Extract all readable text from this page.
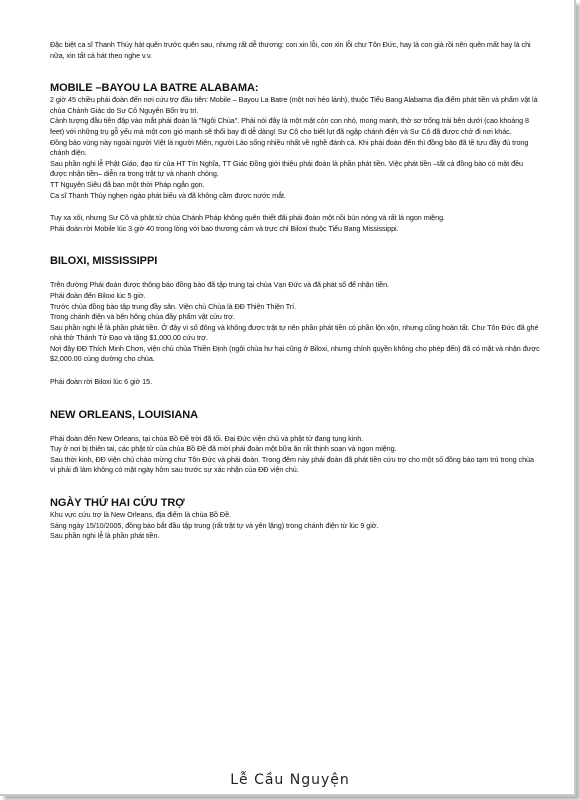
Đặc biệt ca sĩ Thanh Thúy hát quên trước quên sau, nhưng rất dễ thương: con xin lỗi, con xin lỗi chư Tôn Đức, hay là con già rồi nên quên mất hay là chi nữa, xin tất cả hát theo nghe v.v.

MOBILE –BAYOU LA BATRE ALABAMA:

2 giờ 45 chiều phái đoàn đến nơi cứu trợ đầu tiên: Mobile – Bayou La Batre (một nơi hẻo lánh), thuộc Tiểu Bang Alabama địa điểm phát tiền và phẩm vật là chùa Chánh Giác do Sư Cô Nguyên Bổn trụ trì.

Cảnh tượng đầu tiên đập vào mắt phái đoàn là "Ngôi Chùa". Phải nói đây là một mặt cỏn con nhỏ, mong manh, thờ sơ trống trải bên dưới (cao khoảng 8 feet) với những trụ gỗ yếu mà một cơn gió mạnh sẽ thổi bay đi dễ dàng! Sư Cô cho biết lụt đã ngập chánh điện và Sư Cô đã được chở đi nơi khác.

Đồng bào vùng này ngoài người Việt là người Miên, người Lào sống nhiều nhất về nghề đánh cá. Khi phái đoàn đến thì đồng bào đã tề tựu đầy đủ trong chánh điện.

Sau phần nghi lễ Phật Giáo, đạo từ của HT Tín Nghĩa, TT Giác Đồng giới thiệu phái đoàn là phần phát tiền. Việc phát tiền –tất cả đồng bào có mặt đều được nhận tiền– diễn ra trong trật tự và nhanh chóng.

TT Nguyên Siêu đã ban một thời Pháp ngắn gọn.

Ca sĩ Thanh Thúy nghẹn ngào phát biểu và đã không cầm được nước mắt.

Tuy xa xôi, nhưng Sư Cô và phật tử chùa Chánh Pháp không quên thiết đãi phái đoàn một nồi bún nóng và rất là ngon miệng.

Phái đoàn rời Mobile lúc 3 giờ 40 trong lòng với bao thương cảm và trực chỉ Biloxi thuộc Tiểu Bang Mississippi.

BILOXI, MISSISSIPPI

Trên đường Phái đoàn được thông báo đồng bào đã tập trung tại chùa Vạn Đức và đã phát sổ để nhận tiền.

Phái đoàn đến Biloxi lúc 5 giờ.

Trước chùa đồng bào tập trung đầy sân. Viện chủ Chùa là ĐĐ Thiện Thiện Trí.

Trong chánh điện và bên hông chùa đầy phẩm vật cứu trợ.

Sau phần nghi lễ là phần phát tiền. Ở đây vì số đông và không được trật tự nên phần phát tiền có phần lộn xộn, nhưng cũng hoàn tất. Chư Tôn Đức đã ghé nhà thờ Thánh Tử Đạo và tặng $1,000.00 cứu trợ.

Nơi đây ĐĐ Thích Minh Chơn, viện chủ chùa Thiền Định (ngôi chùa hư hại cũng ở Biloxi, nhưng chính quyền không cho phép đến) đã có mặt và nhận được $2,000.00 cúng dường cho chùa.

Phái đoàn rời Biloxi lúc 6 giờ 15.

NEW ORLEANS, LOUISIANA

Phái đoàn đến New Orleans, tại chùa Bồ Đề trời đã tối. Đại Đức viện chủ và phật tử đang tụng kinh.

Tuy ở nơi bị thiên tai, các phật tử của chùa Bồ Đề đã mời phái đoàn một bữa ăn rất thịnh soạn và ngon miệng.

Sau thời kinh, ĐĐ viện chủ chào mừng chư Tôn Đức và phái đoàn. Trong đêm này phái đoàn đã phát tiền cứu trợ cho một số đồng bào tạm trú trong chùa vì phải đi làm không có mặt ngày hôm sau trước sự xác nhận của ĐĐ viện chủ.

NGÀY THỨ HAI CỨU TRỢ

Khu vực cứu trợ là New Orleans, địa điểm là chùa Bồ Đề.

Sáng ngày 15/10/2005, đồng bào bắt đầu tập trung (rất trật tự và yên lặng) trong chánh điện từ lúc 9 giờ.

Sau phần nghi lễ là phần phát tiền.

Lễ Cầu Nguyện
